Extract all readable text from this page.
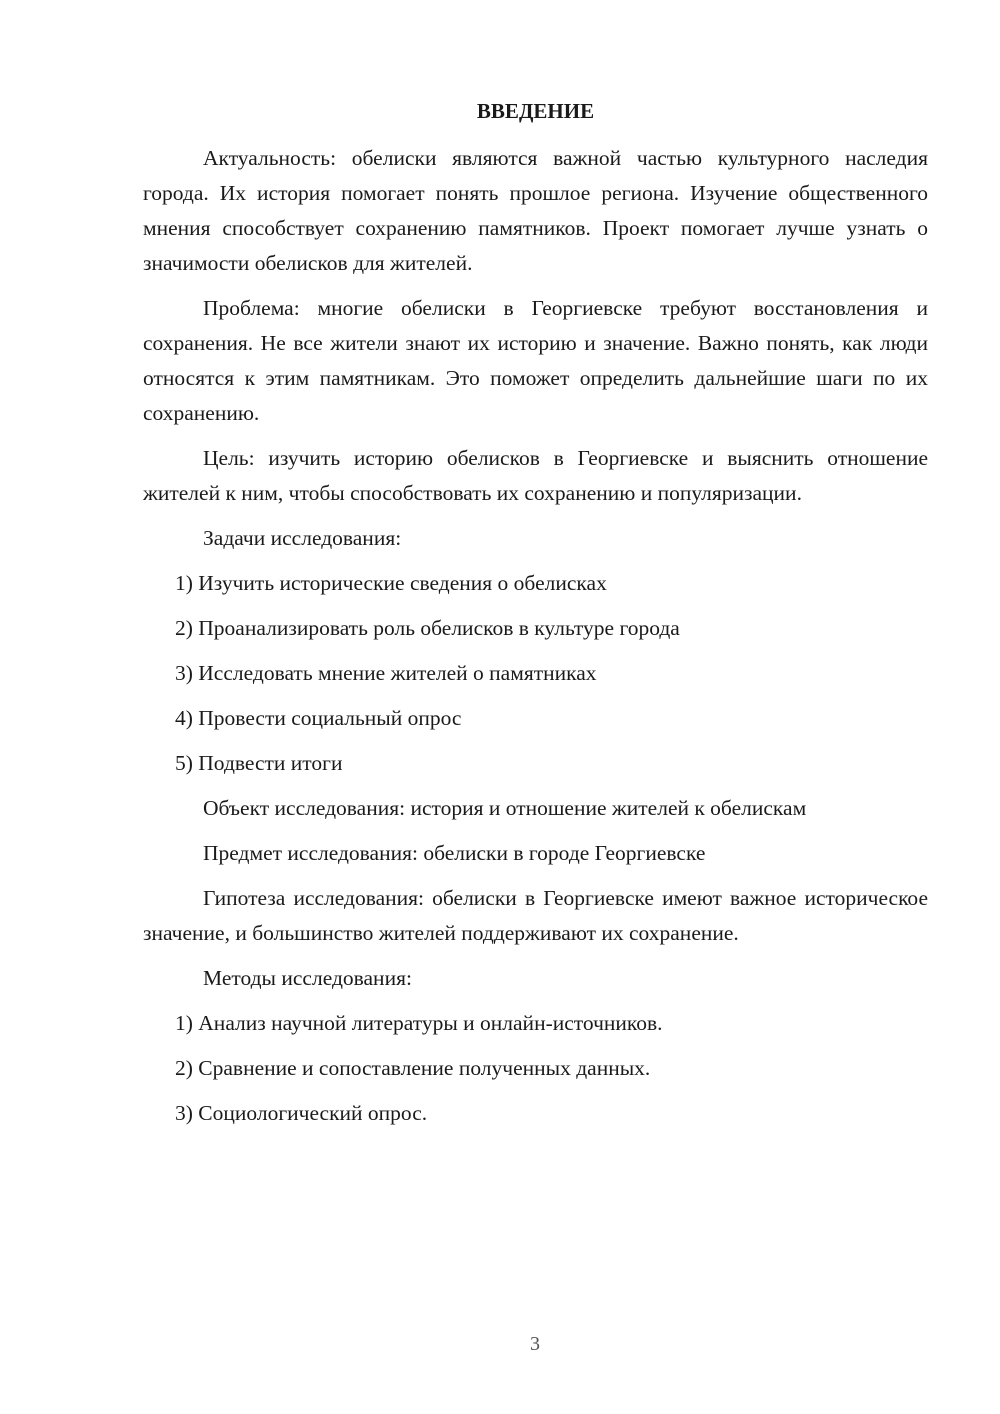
ВВЕДЕНИЕ

Актуальность: обелиски являются важной частью культурного наследия города. Их история помогает понять прошлое региона. Изучение общественного мнения способствует сохранению памятников. Проект помогает лучше узнать о значимости обелисков для жителей.

Проблема: многие обелиски в Георгиевске требуют восстановления и сохранения. Не все жители знают их историю и значение. Важно понять, как люди относятся к этим памятникам. Это поможет определить дальнейшие шаги по их сохранению.

Цель: изучить историю обелисков в Георгиевске и выяснить отношение жителей к ним, чтобы способствовать их сохранению и популяризации.

Задачи исследования:
1) Изучить исторические сведения о обелисках
2) Проанализировать роль обелисков в культуре города
3) Исследовать мнение жителей о памятниках
4) Провести социальный опрос
5) Подвести итоги
Объект исследования: история и отношение жителей к обелискам
Предмет исследования: обелиски в городе Георгиевске

Гипотеза исследования: обелиски в Георгиевске имеют важное историческое значение, и большинство жителей поддерживают их сохранение.

Методы исследования:
1) Анализ научной литературы и онлайн-источников.
2) Сравнение и сопоставление полученных данных.
3) Социологический опрос.
3
